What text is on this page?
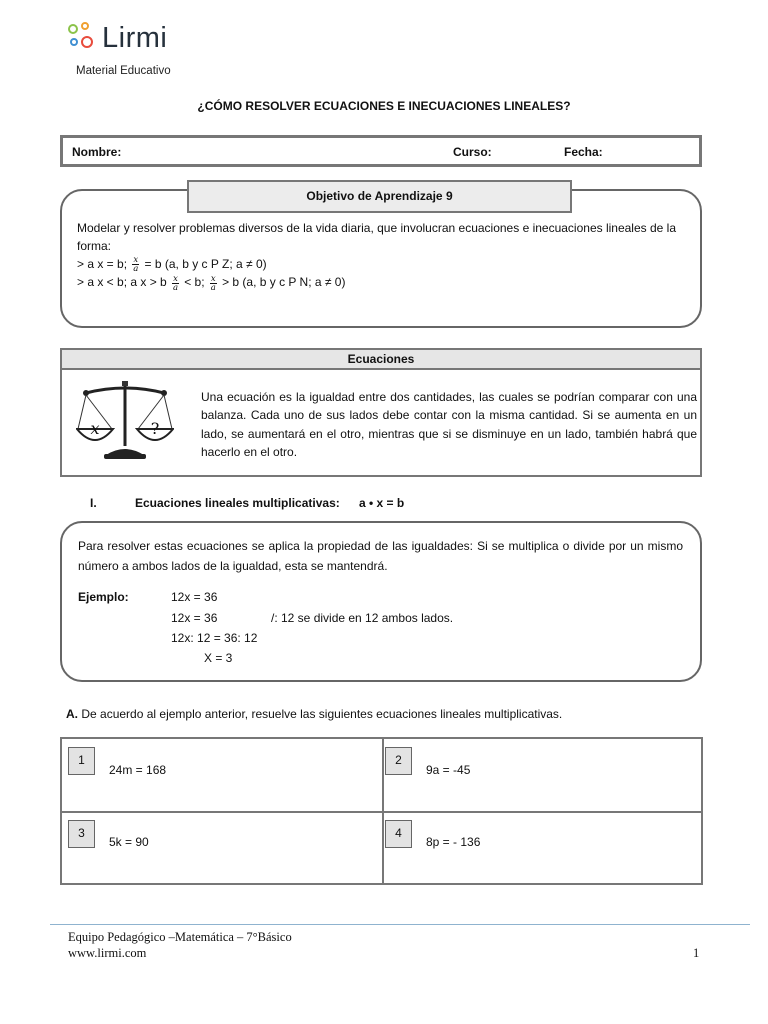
Lirmi
Material Educativo
¿CÓMO RESOLVER ECUACIONES E INECUACIONES LINEALES?
Nombre:	Curso:	Fecha:
Objetivo de Aprendizaje 9
Modelar y resolver problemas diversos de la vida diaria, que involucran ecuaciones e inecuaciones lineales de la forma:
> a x = b; $\frac{x}{a} = b$ (a, b y c P Z; a ≠ 0)
> a x < b; a x > b $\frac{x}{a} < b$; $\frac{x}{a} > b$ (a, b y c P N; a ≠ 0)
Ecuaciones
x	?
Una ecuación es la igualdad entre dos cantidades, las cuales se podrían comparar con una balanza. Cada uno de sus lados debe contar con la misma cantidad. Si se aumenta en un lado, se aumentará en el otro, mientras que si se disminuye en un lado, también habrá que hacerlo en el otro.
I.	Ecuaciones lineales multiplicativas: a • x = b
Para resolver estas ecuaciones se aplica la propiedad de las igualdades: Si se multiplica o divide por un mismo número a ambos lados de la igualdad, esta se mantendrá.
Ejemplo:	12x = 36
12x = 36	/: 12 se divide en 12 ambos lados.
12x: 12 = 36: 12
X = 3
A. De acuerdo al ejemplo anterior, resuelve las siguientes ecuaciones lineales multiplicativas.
1
24m = 168
2
9a = -45
3
5k = 90
4
8p = - 136
Equipo Pedagógico –Matemática – 7°Básico
www.lirmi.com	1
